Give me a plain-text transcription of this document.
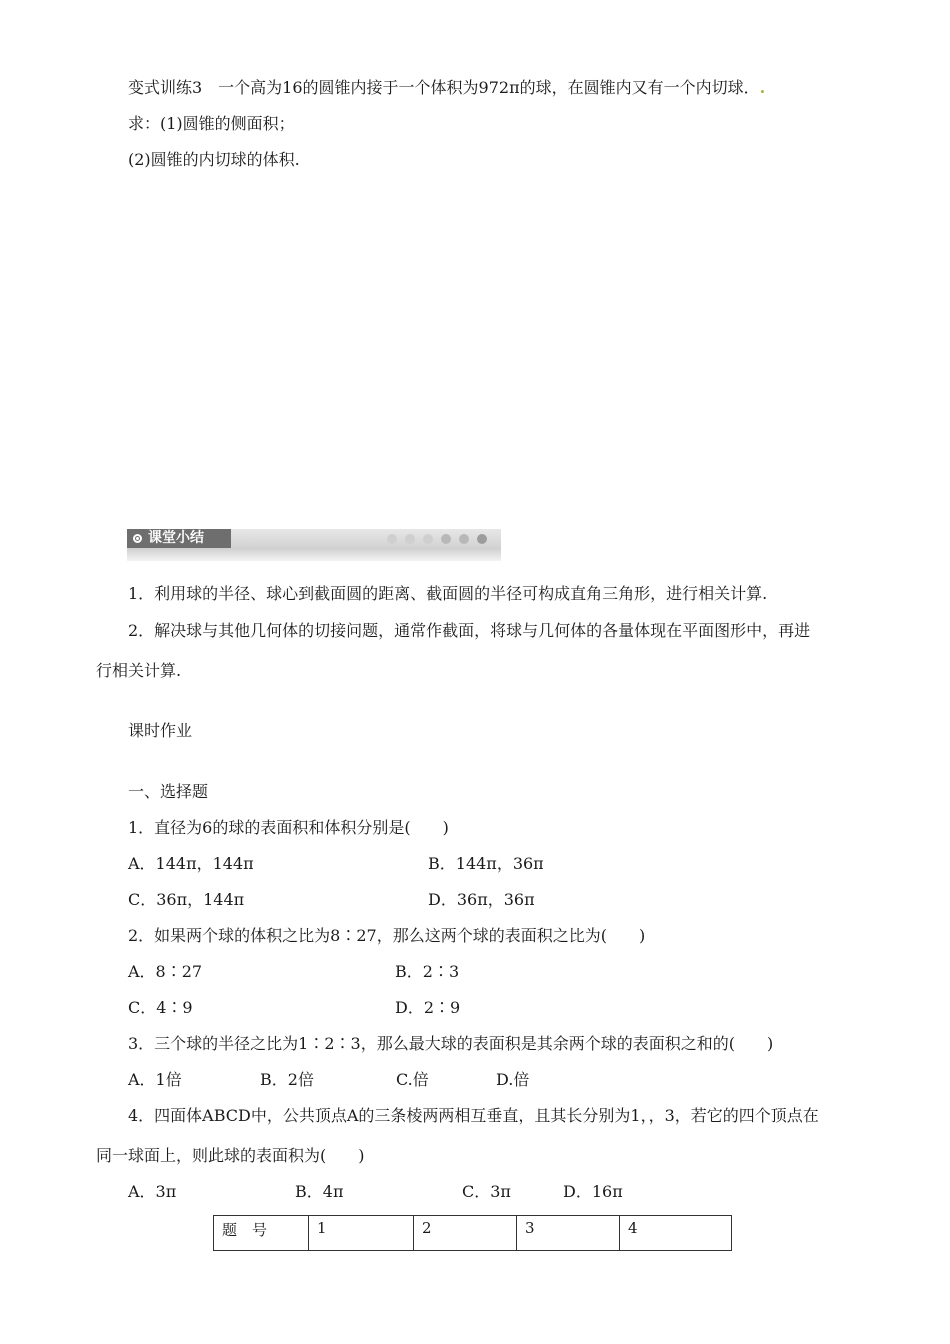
变式训练3　一个高为16的圆锥内接于一个体积为972π的球，在圆锥内又有一个内切球．.
求：(1)圆锥的侧面积；
(2)圆锥的内切球的体积.
课堂小结
1．利用球的半径、球心到截面圆的距离、截面圆的半径可构成直角三角形，进行相关计算.
2．解决球与其他几何体的切接问题，通常作截面，将球与几何体的各量体现在平面图形中，再进
行相关计算.
课时作业
一、选择题
1．直径为6的球的表面积和体积分别是(　　)
A．144π，144π	B．144π，36π
C．36π，144π	D．36π，36π
2．如果两个球的体积之比为8∶27，那么这两个球的表面积之比为(　　)
A．8∶27	B．2∶3
C．4∶9	D．2∶9
3．三个球的半径之比为1∶2∶3，那么最大球的表面积是其余两个球的表面积之和的(　　)
A．1倍	B．2倍	C.倍	D.倍
4．四面体ABCD中，公共顶点A的三条棱两两相互垂直，且其长分别为1，，3，若它的四个顶点在
同一球面上，则此球的表面积为(　　)
A．3π	B．4π	C．3π	D．16π
题　号	1	2	3	4
